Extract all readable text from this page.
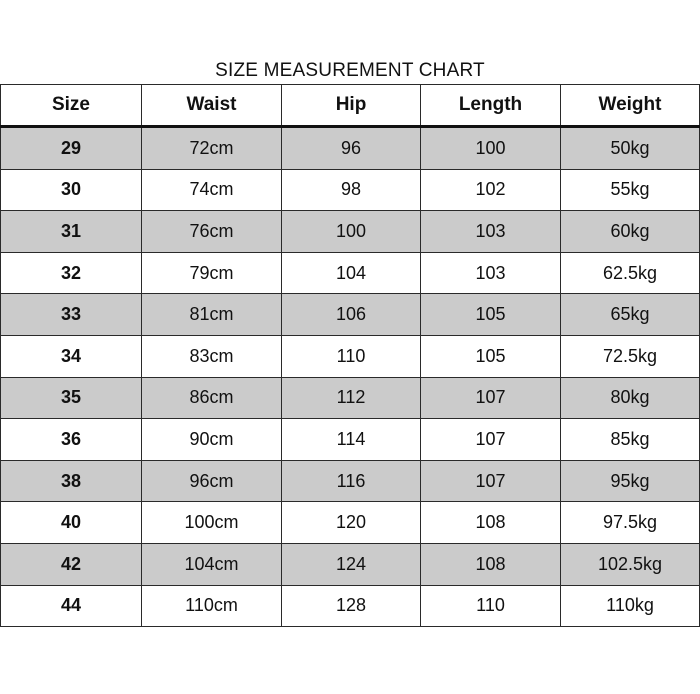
SIZE MEASUREMENT CHART
Size	Waist	Hip	Length	Weight
29	72cm	96	100	50kg
30	74cm	98	102	55kg
31	76cm	100	103	60kg
32	79cm	104	103	62.5kg
33	81cm	106	105	65kg
34	83cm	110	105	72.5kg
35	86cm	112	107	80kg
36	90cm	114	107	85kg
38	96cm	116	107	95kg
40	100cm	120	108	97.5kg
42	104cm	124	108	102.5kg
44	110cm	128	110	110kg
